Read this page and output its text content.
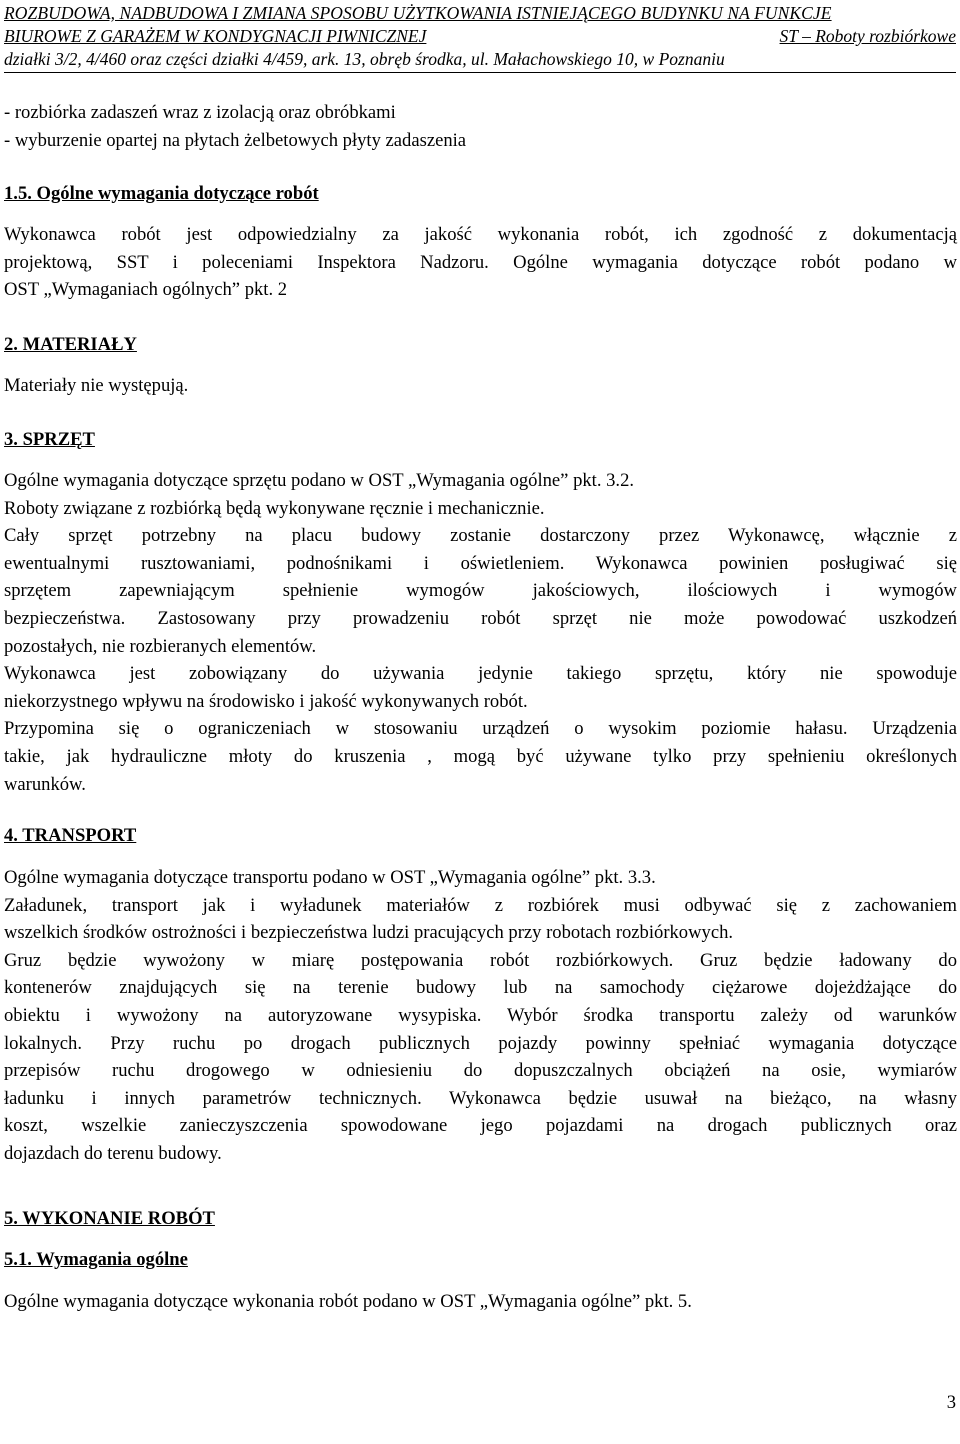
ROZBUDOWA, NADBUDOWA I ZMIANA SPOSOBU UŻYTKOWANIA ISTNIEJĄCEGO BUDYNKU NA FUNKCJE
BIUROWE Z GARAŻEM W KONDYGNACJI PIWNICZNEJ	ST – Roboty rozbiórkowe
działki 3/2, 4/460 oraz części działki 4/459, ark. 13, obręb środka, ul. Małachowskiego 10, w Poznaniu
- rozbiórka zadaszeń wraz z izolacją oraz obróbkami
- wyburzenie opartej na płytach żelbetowych płyty zadaszenia
1.5. Ogólne wymagania dotyczące robót
Wykonawca robót jest odpowiedzialny za jakość wykonania robót, ich zgodność z dokumentacją
projektową, SST i poleceniami Inspektora Nadzoru. Ogólne wymagania dotyczące robót podano w
OST „Wymaganiach ogólnych” pkt. 2
2. MATERIAŁY
Materiały nie występują.
3. SPRZĘT
Ogólne wymagania dotyczące sprzętu podano w OST „Wymagania ogólne” pkt. 3.2.
Roboty związane z rozbiórką będą wykonywane ręcznie i mechanicznie.
Cały sprzęt potrzebny na placu budowy zostanie dostarczony przez Wykonawcę, włącznie z
ewentualnymi rusztowaniami, podnośnikami i oświetleniem. Wykonawca powinien posługiwać się
sprzętem zapewniającym spełnienie wymogów jakościowych, ilościowych i wymogów
bezpieczeństwa. Zastosowany przy prowadzeniu robót sprzęt nie może powodować uszkodzeń
pozostałych, nie rozbieranych elementów.
Wykonawca jest zobowiązany do używania jedynie takiego sprzętu, który nie spowoduje
niekorzystnego wpływu na środowisko i jakość wykonywanych robót.
Przypomina się o ograniczeniach w stosowaniu urządzeń o wysokim poziomie hałasu. Urządzenia
takie, jak hydrauliczne młoty do kruszenia , mogą być używane tylko przy spełnieniu określonych
warunków.
4. TRANSPORT
Ogólne wymagania dotyczące transportu podano w OST „Wymagania ogólne” pkt. 3.3.
Załadunek, transport jak i wyładunek materiałów z rozbiórek musi odbywać się z zachowaniem
wszelkich środków ostrożności i bezpieczeństwa ludzi pracujących przy robotach rozbiórkowych.
Gruz będzie wywożony w miarę postępowania robót rozbiórkowych. Gruz będzie ładowany do
kontenerów znajdujących się na terenie budowy lub na samochody ciężarowe dojeżdżające do
obiektu i wywożony na autoryzowane wysypiska. Wybór środka transportu zależy od warunków
lokalnych. Przy ruchu po drogach publicznych pojazdy powinny spełniać wymagania dotyczące
przepisów ruchu drogowego w odniesieniu do dopuszczalnych obciążeń na osie, wymiarów
ładunku i innych parametrów technicznych. Wykonawca będzie usuwał na bieżąco, na własny
koszt, wszelkie zanieczyszczenia spowodowane jego pojazdami na drogach publicznych oraz
dojazdach do terenu budowy.
5. WYKONANIE ROBÓT
5.1. Wymagania ogólne
Ogólne wymagania dotyczące wykonania robót podano w OST „Wymagania ogólne” pkt. 5.
3
